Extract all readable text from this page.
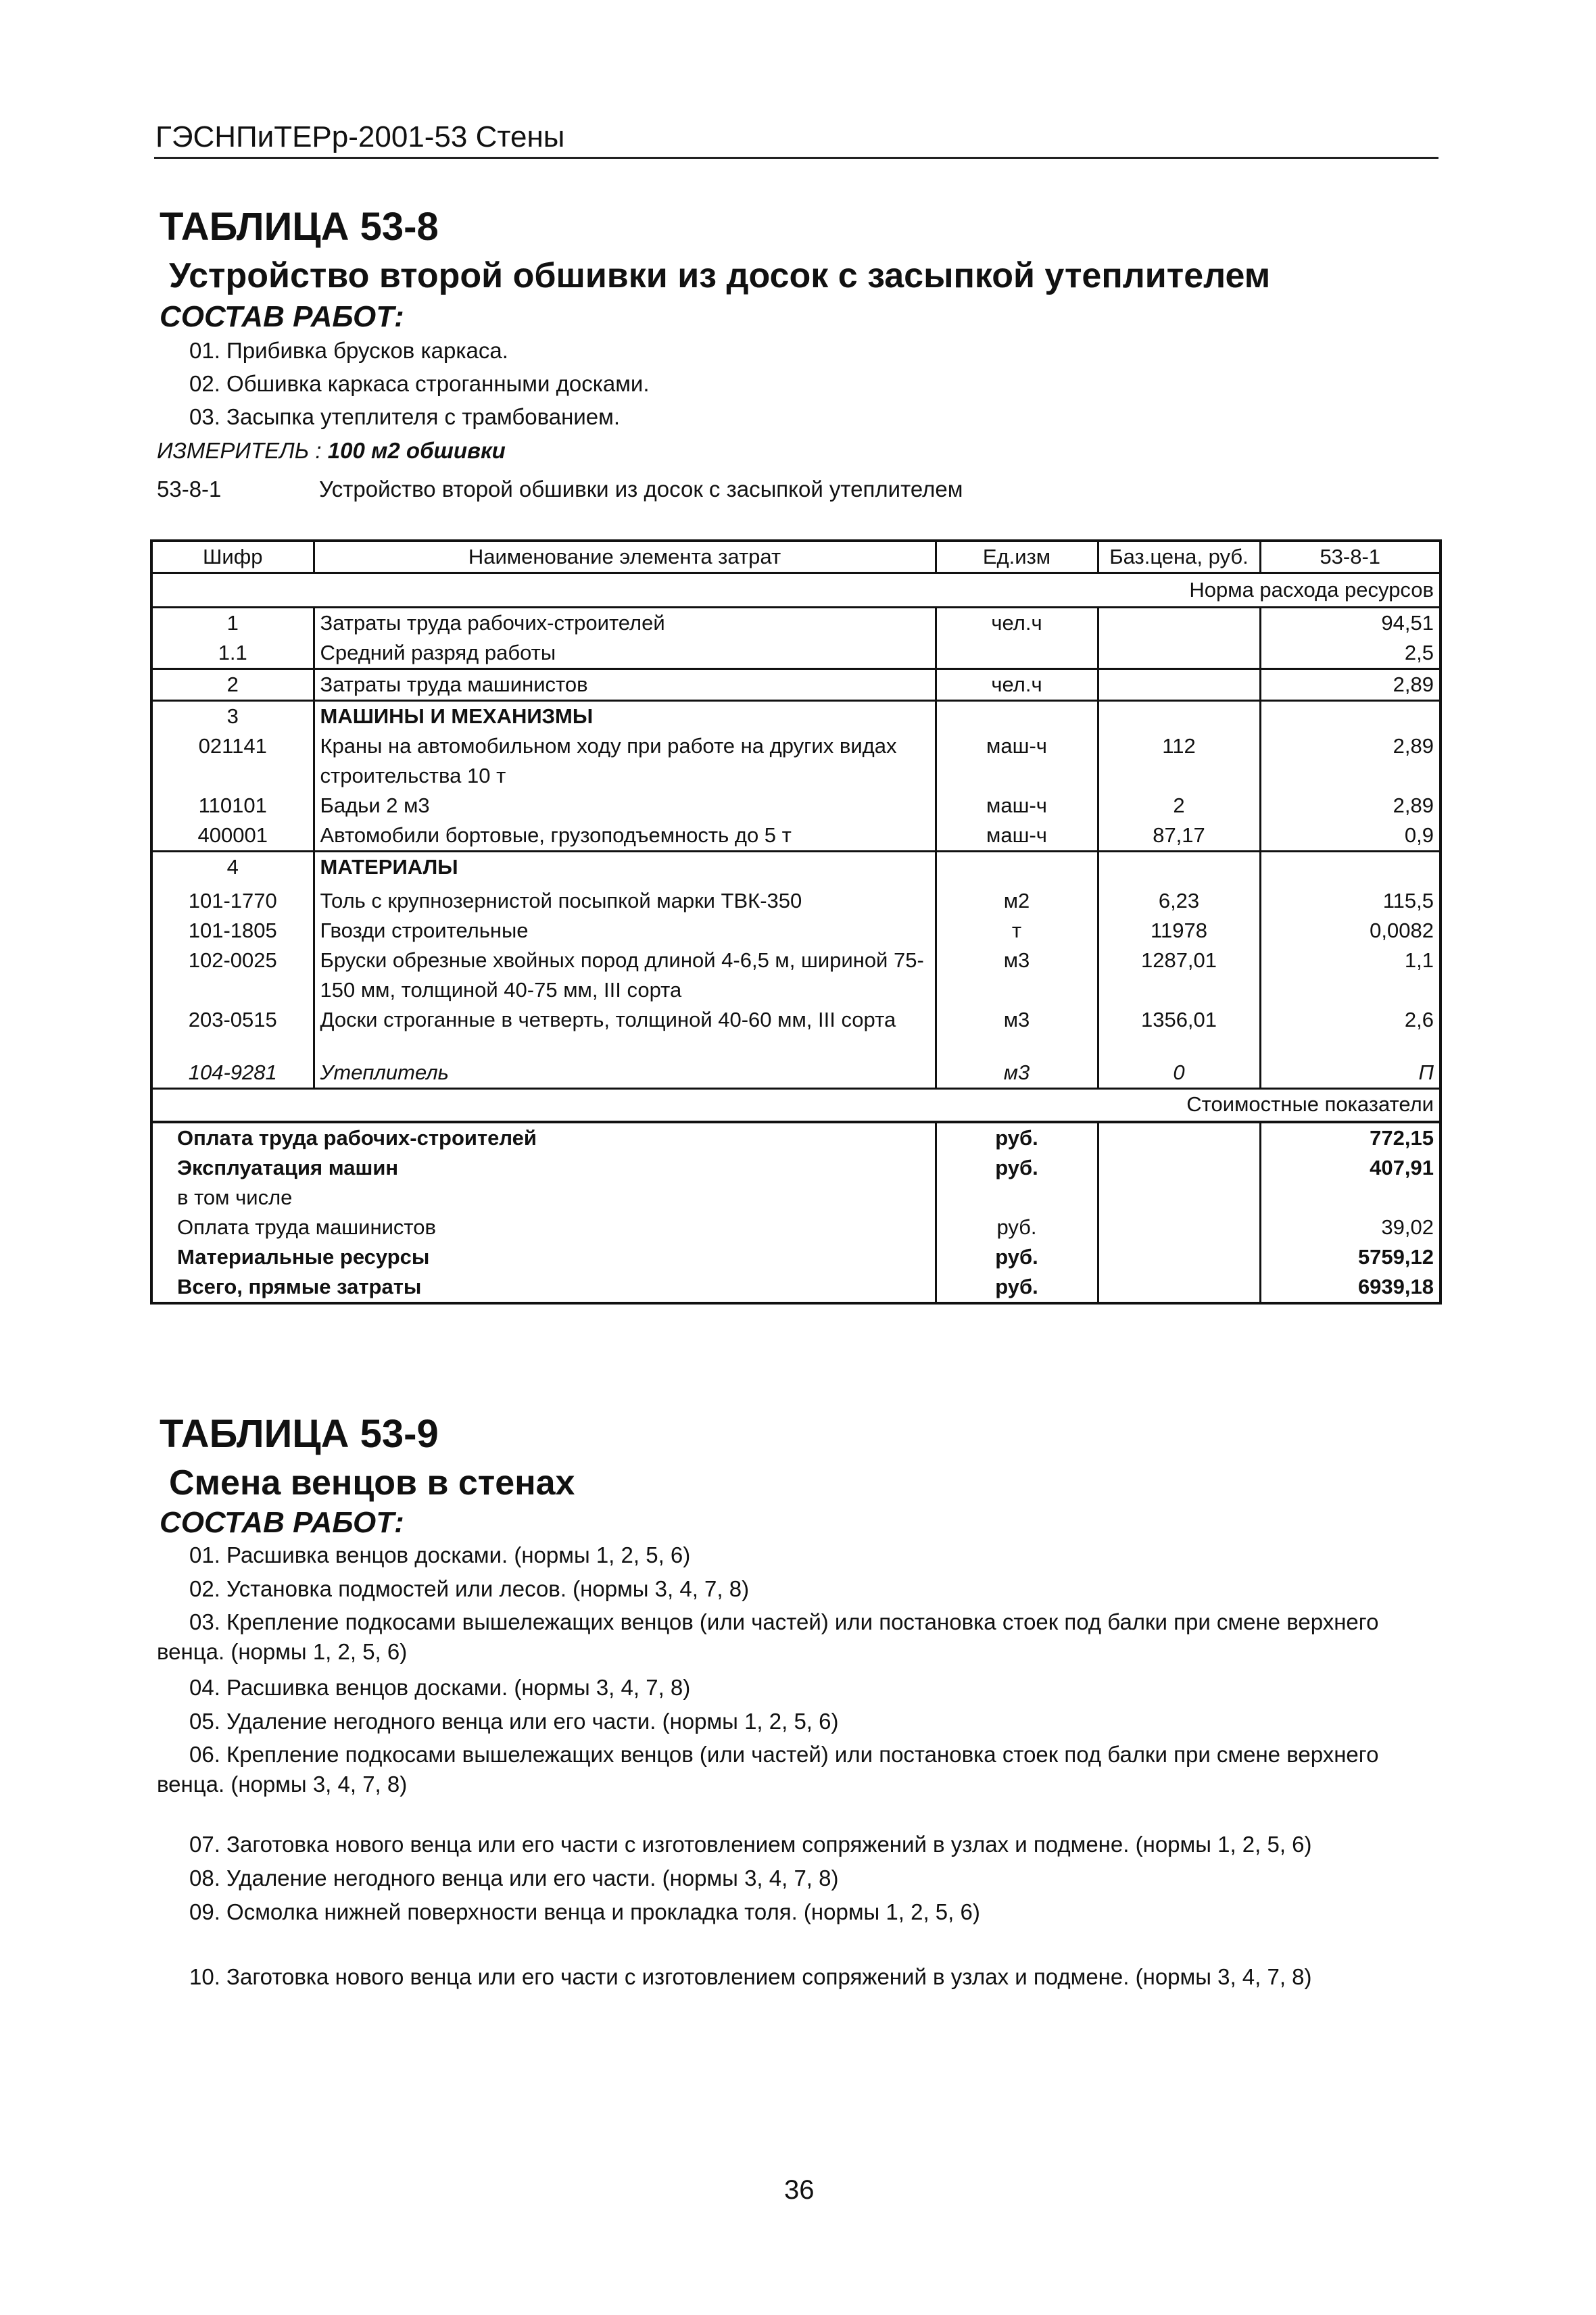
ГЭСНПиТЕРр-2001-53 Стены
ТАБЛИЦА 53-8
Устройство второй обшивки из досок с засыпкой утеплителем
СОСТАВ РАБОТ:
01. Прибивка брусков каркаса.
02. Обшивка каркаса строганными досками.
03. Засыпка утеплителя с трамбованием.
ИЗМЕРИТЕЛЬ : 100 м2 обшивки
53-8-1	Устройство второй обшивки из досок с засыпкой утеплителем
Шифр	Наименование элемента затрат	Ед.изм	Баз.цена, руб.	53-8-1
Норма расхода ресурсов				
1	Затраты труда рабочих-строителей	чел.ч		94,51
1.1	Средний разряд работы			2,5
2	Затраты труда машинистов	чел.ч		2,89
3	МАШИНЫ И МЕХАНИЗМЫ			
021141	Краны на автомобильном ходу при работе на других видах строительства 10 т	маш-ч	112	2,89
110101	Бадьи 2 м3	маш-ч	2	2,89
400001	Автомобили бортовые, грузоподъемность до 5 т	маш-ч	87,17	0,9
4	МАТЕРИАЛЫ			
101-1770	Толь с крупнозернистой посыпкой марки ТВК-350	м2	6,23	115,5
101-1805	Гвозди строительные	т	11978	0,0082
102-0025	Бруски обрезные хвойных пород длиной 4-6,5 м, шириной 75-150 мм, толщиной 40-75 мм, III сорта	м3	1287,01	1,1
203-0515	Доски строганные в четверть, толщиной 40-60 мм, III сорта	м3	1356,01	2,6
104-9281	Утеплитель	м3	0	П
Стоимостные показатели				
Оплата труда рабочих-строителей		руб.		772,15
Эксплуатация машин		руб.		407,91
в том числе				
Оплата труда машинистов		руб.		39,02
Материальные ресурсы		руб.		5759,12
Всего, прямые затраты		руб.		6939,18
ТАБЛИЦА 53-9
Смена венцов в стенах
СОСТАВ РАБОТ:
01. Расшивка венцов досками. (нормы 1, 2, 5, 6)
02. Установка подмостей или лесов. (нормы 3, 4, 7, 8)
03. Крепление подкосами вышележащих венцов (или частей) или постановка стоек под балки при смене верхнего венца. (нормы 1, 2, 5, 6)
04. Расшивка венцов досками. (нормы 3, 4, 7, 8)
05. Удаление негодного венца или его части. (нормы 1, 2, 5, 6)
06. Крепление подкосами вышележащих венцов (или частей) или постановка стоек под балки при смене верхнего венца. (нормы 3, 4, 7, 8)
07. Заготовка нового венца или его части с изготовлением сопряжений в узлах и подмене. (нормы 1, 2, 5, 6)
08. Удаление негодного венца или его части. (нормы 3, 4, 7, 8)
09. Осмолка нижней поверхности венца и прокладка толя. (нормы 1, 2, 5, 6)
10. Заготовка нового венца или его части с изготовлением сопряжений в узлах и подмене. (нормы 3, 4, 7, 8)
36
